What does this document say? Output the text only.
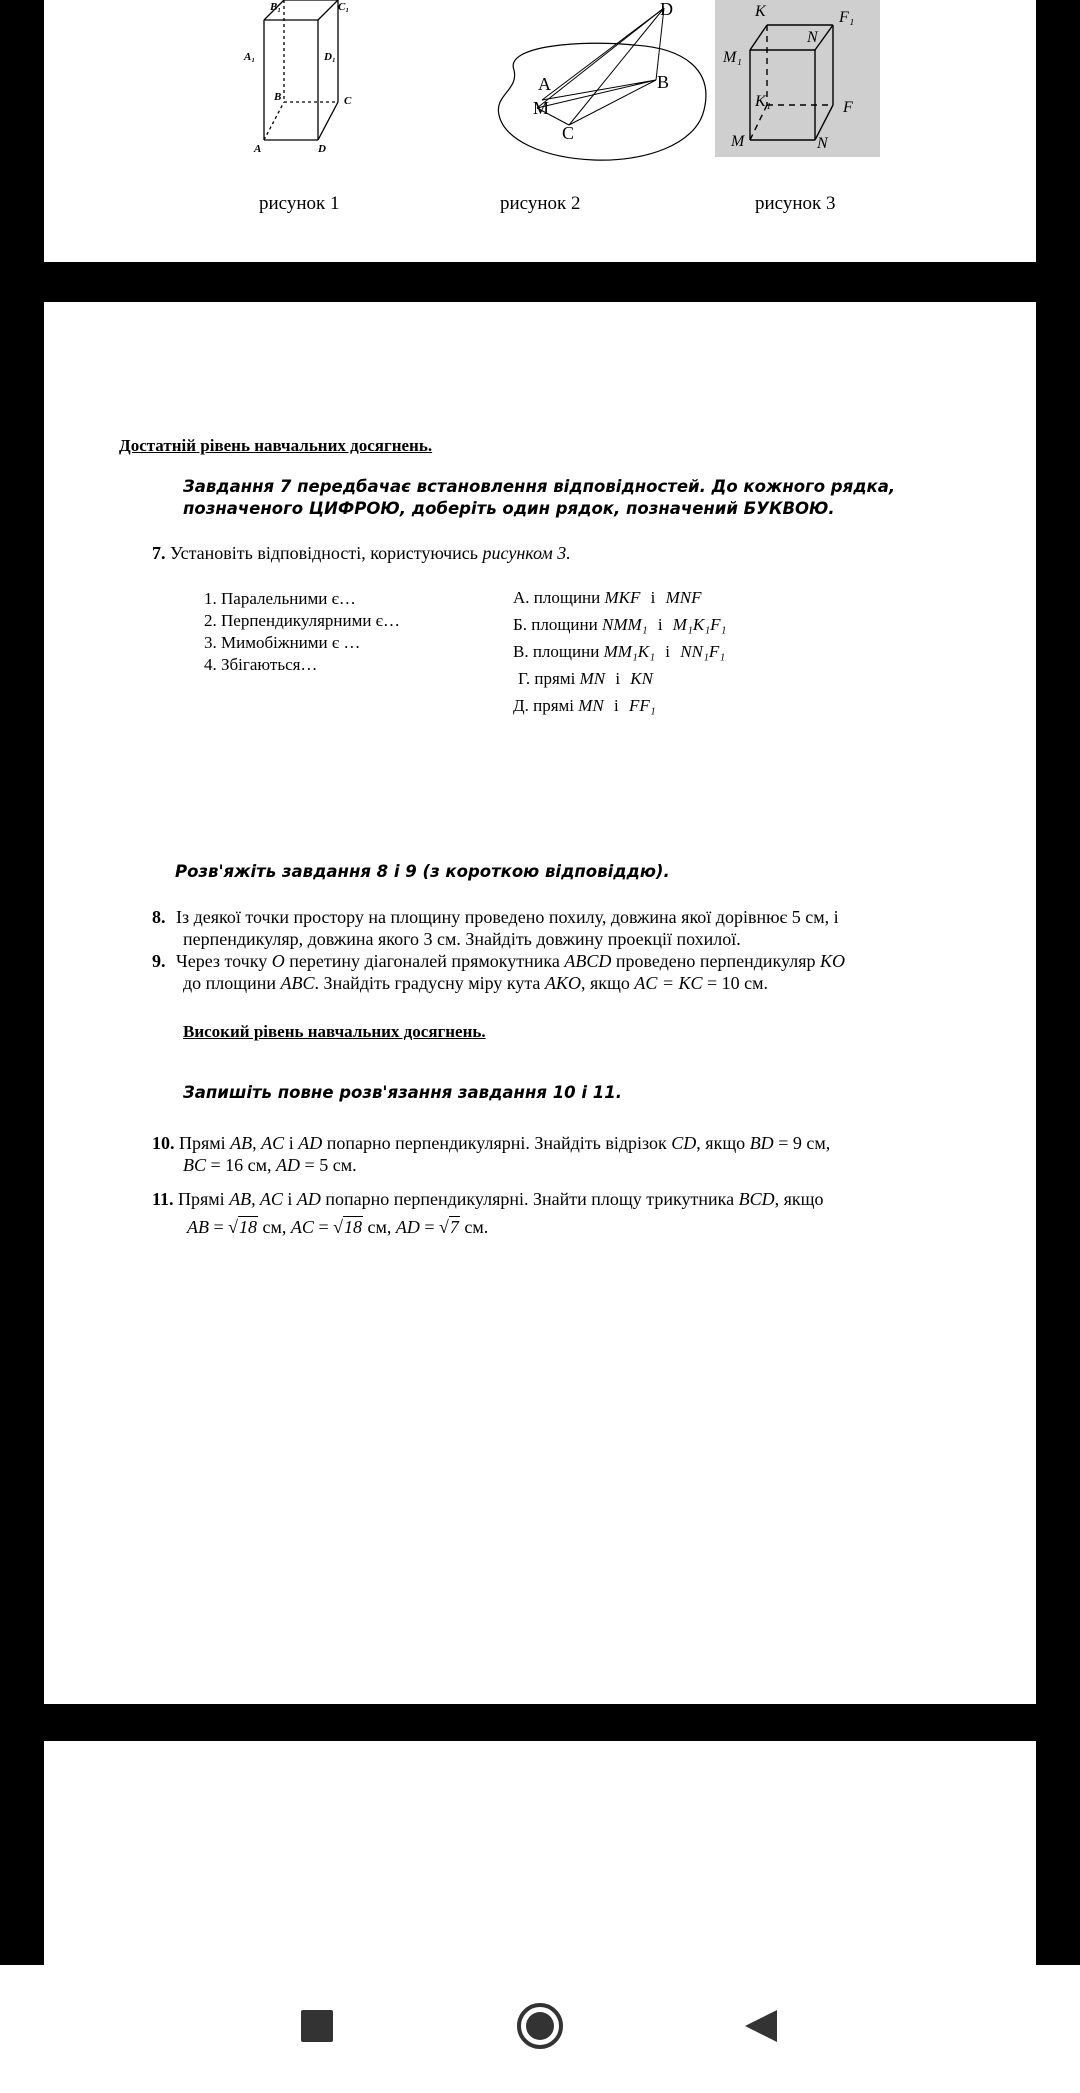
B₁	C₁
A₁	D₁
B	C
A	D
рисунок 1
D
A
M
B
C
рисунок 2
K	F₁
N
M₁
K₁	F
M	N
рисунок 3
Достатній рівень навчальних досягнень.
Завдання 7 передбачає встановлення відповідностей. До кожного рядка,
позначеного ЦИФРОЮ, доберіть один рядок, позначений БУКВОЮ.
7. Установіть відповідності, користуючись рисунком 3.
1. Паралельними є…
2. Перпендикулярними є…
3. Мимобіжними є …
4. Збігаються…
А. площини MKF і MNF
Б. площини NMM₁ і M₁K₁F₁
В. площини MM₁K₁ і NN₁F₁
Г. прямі MN і KN
Д. прямі MN і FF₁
Розв'яжіть завдання 8 і 9 (з короткою відповіддю).
8. Із деякої точки простору на площину проведено похилу, довжина якої дорівнює 5 см, і
перпендикуляр, довжина якого 3 см. Знайдіть довжину проекції похилої.
9. Через точку O перетину діагоналей прямокутника ABCD проведено перпендикуляр KO
до площини ABC. Знайдіть градусну міру кута AKO, якщо AC = KC = 10 см.
Високий рівень навчальних досягнень.
Запишіть повне розв'язання завдання 10 і 11.
10. Прямі AB, AC і AD попарно перпендикулярні. Знайдіть відрізок CD, якщо BD = 9 см,
BC = 16 см, AD = 5 см.
11. Прямі AB, AC і AD попарно перпендикулярні. Знайти площу трикутника BCD, якщо
AB = √18 см, AC = √18 см, AD = √7 см.
